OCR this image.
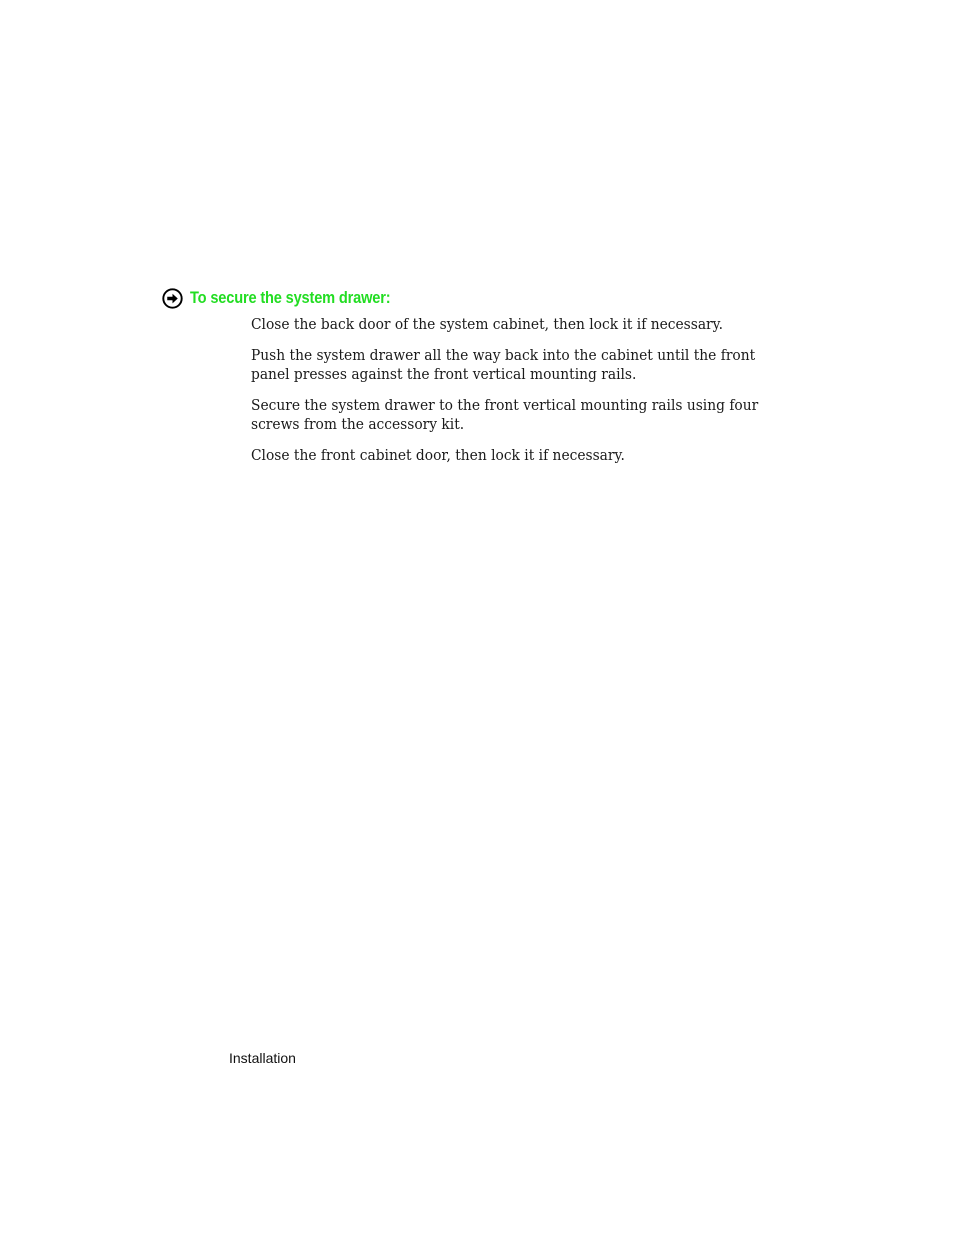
To secure the system drawer:
Close the back door of the system cabinet, then lock it if necessary.
Push the system drawer all the way back into the cabinet until the front panel presses against the front vertical mounting rails.
Secure the system drawer to the front vertical mounting rails using four screws from the accessory kit.
Close the front cabinet door, then lock it if necessary.
Installation
